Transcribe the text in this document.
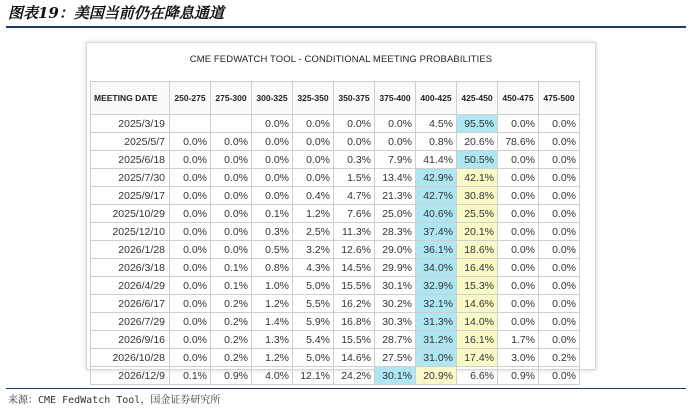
图表19：美国当前仍在降息通道
CME FEDWATCH TOOL - CONDITIONAL MEETING PROBABILITIES
MEETING DATE	250-275	275-300	300-325	325-350	350-375	375-400	400-425	425-450	450-475	475-500
2025/3/19			0.0%	0.0%	0.0%	0.0%	4.5%	95.5%	0.0%	0.0%
2025/5/7	0.0%	0.0%	0.0%	0.0%	0.0%	0.0%	0.8%	20.6%	78.6%	0.0%
2025/6/18	0.0%	0.0%	0.0%	0.0%	0.3%	7.9%	41.4%	50.5%	0.0%	0.0%
2025/7/30	0.0%	0.0%	0.0%	0.0%	1.5%	13.4%	42.9%	42.1%	0.0%	0.0%
2025/9/17	0.0%	0.0%	0.0%	0.4%	4.7%	21.3%	42.7%	30.8%	0.0%	0.0%
2025/10/29	0.0%	0.0%	0.1%	1.2%	7.6%	25.0%	40.6%	25.5%	0.0%	0.0%
2025/12/10	0.0%	0.0%	0.3%	2.5%	11.3%	28.3%	37.4%	20.1%	0.0%	0.0%
2026/1/28	0.0%	0.0%	0.5%	3.2%	12.6%	29.0%	36.1%	18.6%	0.0%	0.0%
2026/3/18	0.0%	0.1%	0.8%	4.3%	14.5%	29.9%	34.0%	16.4%	0.0%	0.0%
2026/4/29	0.0%	0.1%	1.0%	5.0%	15.5%	30.1%	32.9%	15.3%	0.0%	0.0%
2026/6/17	0.0%	0.2%	1.2%	5.5%	16.2%	30.2%	32.1%	14.6%	0.0%	0.0%
2026/7/29	0.0%	0.2%	1.4%	5.9%	16.8%	30.3%	31.3%	14.0%	0.0%	0.0%
2026/9/16	0.0%	0.2%	1.3%	5.4%	15.5%	28.7%	31.2%	16.1%	1.7%	0.0%
2026/10/28	0.0%	0.2%	1.2%	5.0%	14.6%	27.5%	31.0%	17.4%	3.0%	0.2%
2026/12/9	0.1%	0.9%	4.0%	12.1%	24.2%	30.1%	20.9%	6.6%	0.9%	0.0%
来源：CME FedWatch Tool，国金证券研究所
